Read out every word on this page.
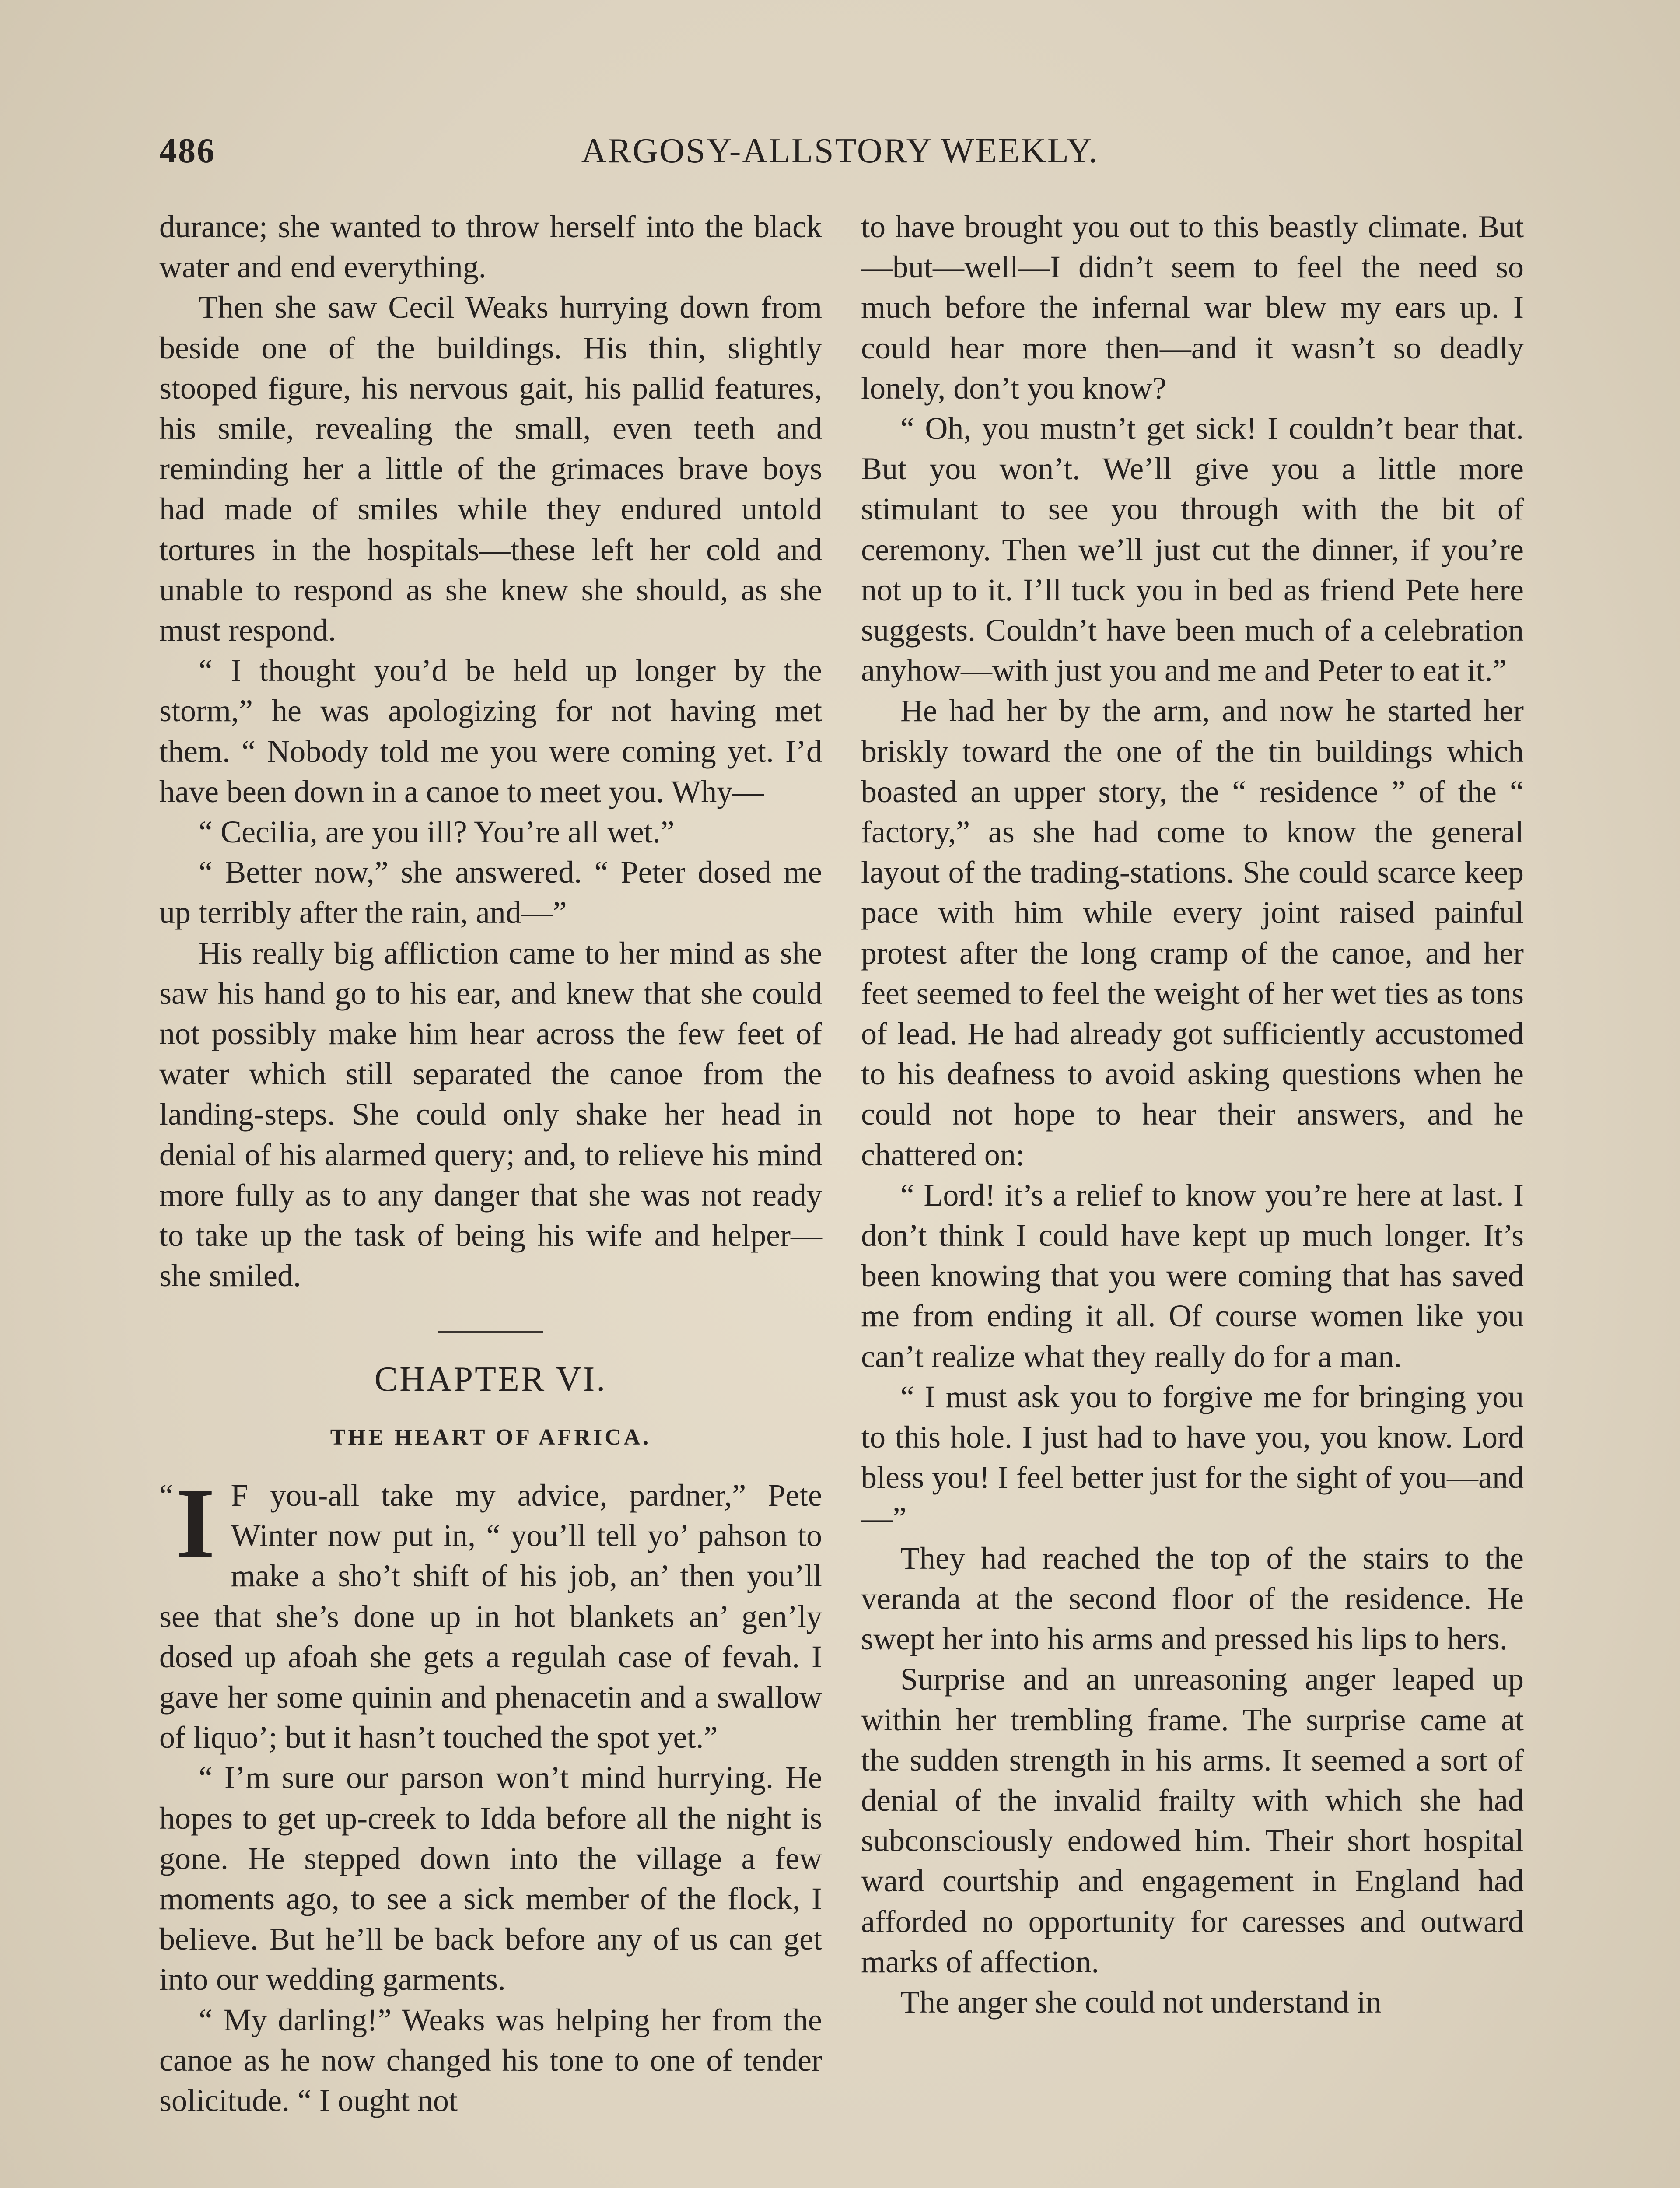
486	ARGOSY-ALLSTORY WEEKLY.

durance; she wanted to throw herself into the black water and end everything.

Then she saw Cecil Weaks hurrying down from beside one of the buildings. His thin, slightly stooped figure, his nervous gait, his pallid features, his smile, revealing the small, even teeth and reminding her a little of the grimaces brave boys had made of smiles while they endured untold tortures in the hospitals—these left her cold and unable to respond as she knew she should, as she must respond.

“ I thought you’d be held up longer by the storm,” he was apologizing for not having met them. “ Nobody told me you were coming yet. I’d have been down in a canoe to meet you. Why—

“ Cecilia, are you ill? You’re all wet.”

“ Better now,” she answered. “ Peter dosed me up terribly after the rain, and—”

His really big affliction came to her mind as she saw his hand go to his ear, and knew that she could not possibly make him hear across the few feet of water which still separated the canoe from the landing-steps. She could only shake her head in denial of his alarmed query; and, to relieve his mind more fully as to any danger that she was not ready to take up the task of being his wife and helper—she smiled.

CHAPTER VI.
THE HEART OF AFRICA.

“ I F you-all take my advice, pardner,” Pete Winter now put in, “ you’ll tell yo’ pahson to make a sho’t shift of his job, an’ then you’ll see that she’s done up in hot blankets an’ gen’ly dosed up afoah she gets a regulah case of fevah. I gave her some quinin and phenacetin and a swallow of liquo’; but it hasn’t touched the spot yet.”

“ I’m sure our parson won’t mind hurrying. He hopes to get up-creek to Idda before all the night is gone. He stepped down into the village a few moments ago, to see a sick member of the flock, I believe. But he’ll be back before any of us can get into our wedding garments.

“ My darling!” Weaks was helping her from the canoe as he now changed his tone to one of tender solicitude. “ I ought not

to have brought you out to this beastly climate. But—but—well—I didn’t seem to feel the need so much before the infernal war blew my ears up. I could hear more then—and it wasn’t so deadly lonely, don’t you know?

“ Oh, you mustn’t get sick! I couldn’t bear that. But you won’t. We’ll give you a little more stimulant to see you through with the bit of ceremony. Then we’ll just cut the dinner, if you’re not up to it. I’ll tuck you in bed as friend Pete here suggests. Couldn’t have been much of a celebration anyhow—with just you and me and Peter to eat it.”

He had her by the arm, and now he started her briskly toward the one of the tin buildings which boasted an upper story, the “ residence ” of the “ factory,” as she had come to know the general layout of the trading-stations. She could scarce keep pace with him while every joint raised painful protest after the long cramp of the canoe, and her feet seemed to feel the weight of her wet ties as tons of lead. He had already got sufficiently accustomed to his deafness to avoid asking questions when he could not hope to hear their answers, and he chattered on:

“ Lord! it’s a relief to know you’re here at last. I don’t think I could have kept up much longer. It’s been knowing that you were coming that has saved me from ending it all. Of course women like you can’t realize what they really do for a man.

“ I must ask you to forgive me for bringing you to this hole. I just had to have you, you know. Lord bless you! I feel better just for the sight of you—and—”

They had reached the top of the stairs to the veranda at the second floor of the residence. He swept her into his arms and pressed his lips to hers.

Surprise and an unreasoning anger leaped up within her trembling frame. The surprise came at the sudden strength in his arms. It seemed a sort of denial of the invalid frailty with which she had subconsciously endowed him. Their short hospital ward courtship and engagement in England had afforded no opportunity for caresses and outward marks of affection.

The anger she could not understand in
